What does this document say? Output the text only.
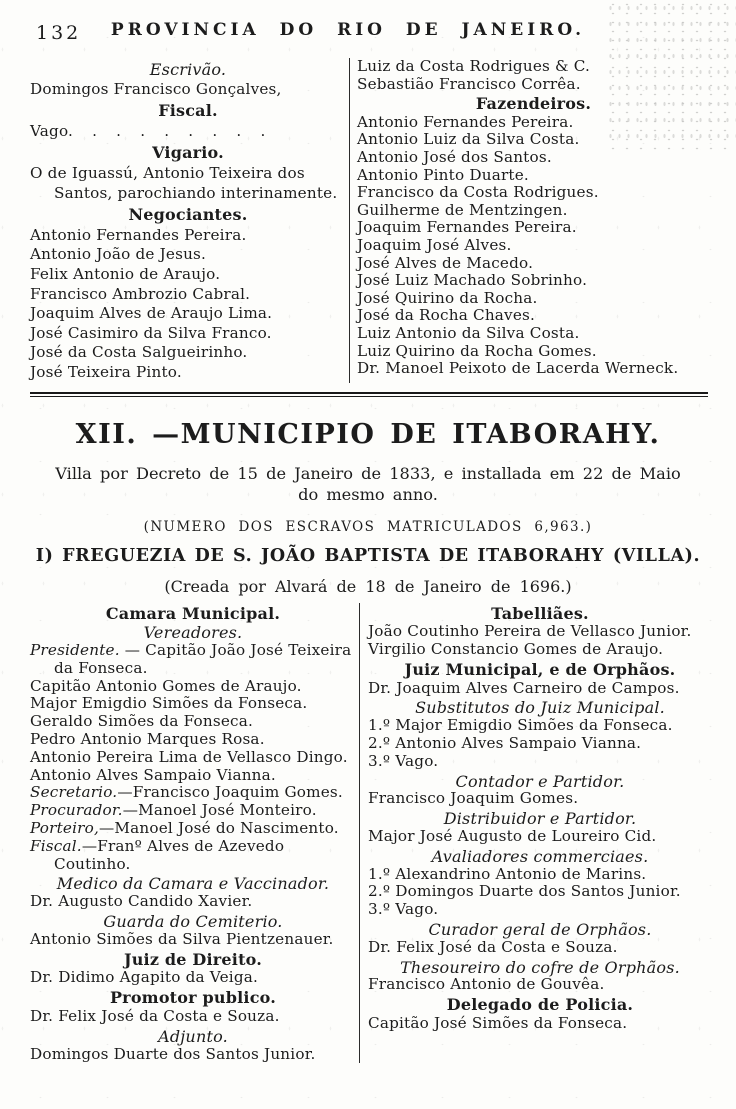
132	PROVINCIA DO RIO DE JANEIRO.
Escrivão.
Domingos Francisco Gonçalves,
Fiscal.
Vago. . . . . . . . .
Vigario.
O de Iguassú, Antonio Teixeira dos Santos, parochiando interinamente.
Negociantes.
Antonio Fernandes Pereira.
Antonio João de Jesus.
Felix Antonio de Araujo.
Francisco Ambrozio Cabral.
Joaquim Alves de Araujo Lima.
José Casimiro da Silva Franco.
José da Costa Salgueirinho.
José Teixeira Pinto.
Luiz da Costa Rodrigues & C.
Sebastião Francisco Corrêa.
Fazendeiros.
Antonio Fernandes Pereira.
Antonio Luiz da Silva Costa.
Antonio José dos Santos.
Antonio Pinto Duarte.
Francisco da Costa Rodrigues.
Guilherme de Mentzingen.
Joaquim Fernandes Pereira.
Joaquim José Alves.
José Alves de Macedo.
José Luiz Machado Sobrinho.
José Quirino da Rocha.
José da Rocha Chaves.
Luiz Antonio da Silva Costa.
Luiz Quirino da Rocha Gomes.
Dr. Manoel Peixoto de Lacerda Werneck.
XII. —MUNICIPIO DE ITABORAHY.

Villa por Decreto de 15 de Janeiro de 1833, e installada em 22 de Maio do mesmo anno.

(NUMERO DOS ESCRAVOS MATRICULADOS 6,963.)

I) FREGUEZIA DE S. JOÃO BAPTISTA DE ITABORAHY (VILLA).

(Creada por Alvará de 18 de Janeiro de 1696.)

Camara Municipal.
Vereadores.
Presidente. — Capitão João José Teixeira da Fonseca.
Capitão Antonio Gomes de Araujo.
Major Emigdio Simões da Fonseca.
Geraldo Simões da Fonseca.
Pedro Antonio Marques Rosa.
Antonio Pereira Lima de Vellasco Dingo.
Antonio Alves Sampaio Vianna.
Secretario.—Francisco Joaquim Gomes.
Procurador.—Manoel José Monteiro.
Porteiro,—Manoel José do Nascimento.
Fiscal.—Franº Alves de Azevedo Coutinho.
Medico da Camara e Vaccinador.
Dr. Augusto Candido Xavier.
Guarda do Cemiterio.
Antonio Simões da Silva Pientzenauer.
Juiz de Direito.
Dr. Didimo Agapito da Veiga.
Promotor publico.
Dr. Felix José da Costa e Souza.
Adjunto.
Domingos Duarte dos Santos Junior.
Tabelliães.
João Coutinho Pereira de Vellasco Junior.
Virgilio Constancio Gomes de Araujo.
Juiz Municipal, e de Orphãos.
Dr. Joaquim Alves Carneiro de Campos.
Substitutos do Juiz Municipal.
1.º Major Emigdio Simões da Fonseca.
2.º Antonio Alves Sampaio Vianna.
3.º Vago.
Contador e Partidor.
Francisco Joaquim Gomes.
Distribuidor e Partidor.
Major José Augusto de Loureiro Cid.
Avaliadores commerciaes.
1.º Alexandrino Antonio de Marins.
2.º Domingos Duarte dos Santos Junior.
3.º Vago.
Curador geral de Orphãos.
Dr. Felix José da Costa e Souza.
Thesoureiro do cofre de Orphãos.
Francisco Antonio de Gouvêa.
Delegado de Policia.
Capitão José Simões da Fonseca.
